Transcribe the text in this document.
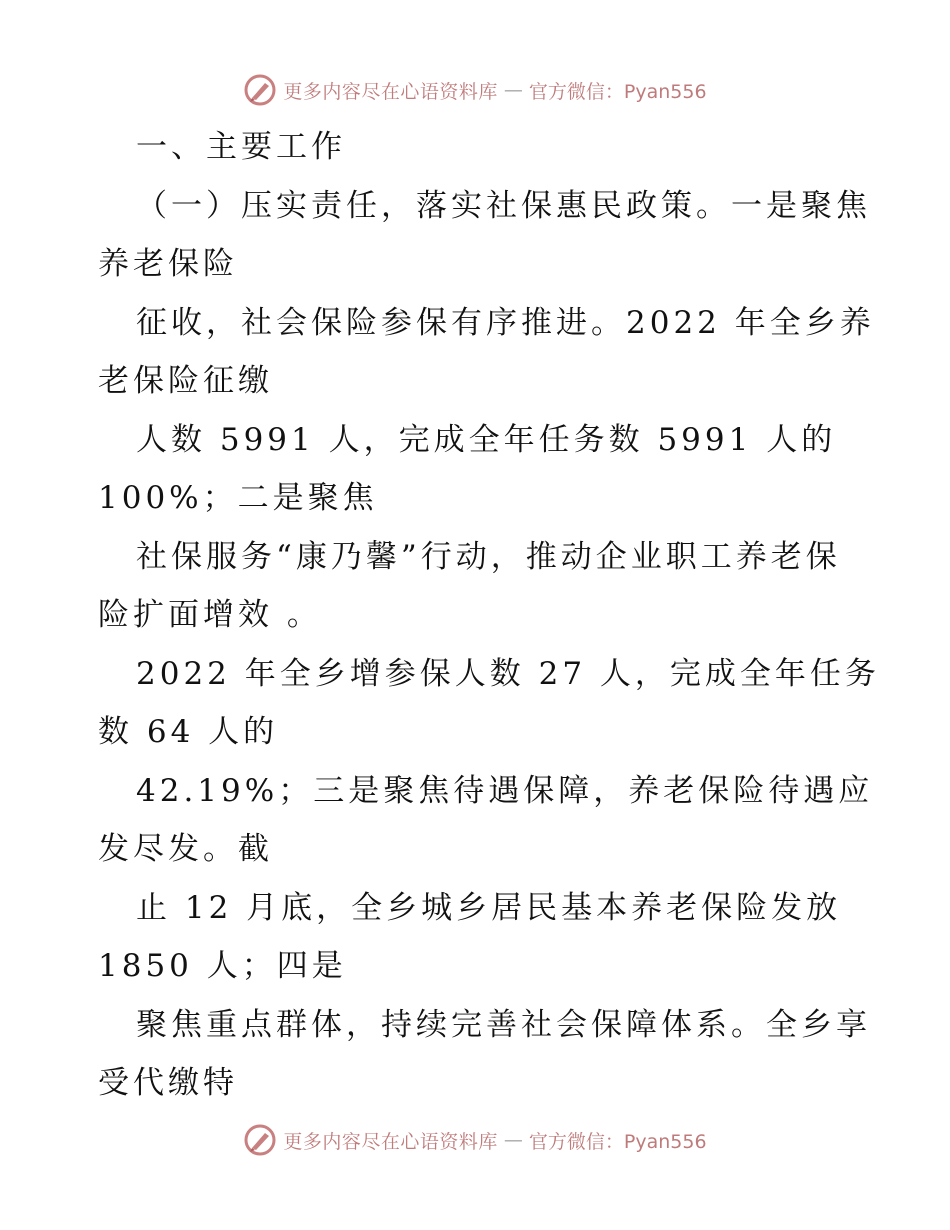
更多内容尽在心语资料库 — 官方微信：Pyan556
一、主要工作
（一）压实责任，落实社保惠民政策。一是聚焦
养老保险
征收，社会保险参保有序推进。2022 年全乡养
老保险征缴
人数 5991 人，完成全年任务数 5991 人的
100%；二是聚焦
社保服务“康乃馨”行动，推动企业职工养老保
险扩面增效 。
2022 年全乡增参保人数 27 人，完成全年任务
数 64 人的
42.19%；三是聚焦待遇保障，养老保险待遇应
发尽发。截
止 12 月底，全乡城乡居民基本养老保险发放
1850 人；四是
聚焦重点群体，持续完善社会保障体系。全乡享
受代缴特
更多内容尽在心语资料库 — 官方微信：Pyan556
